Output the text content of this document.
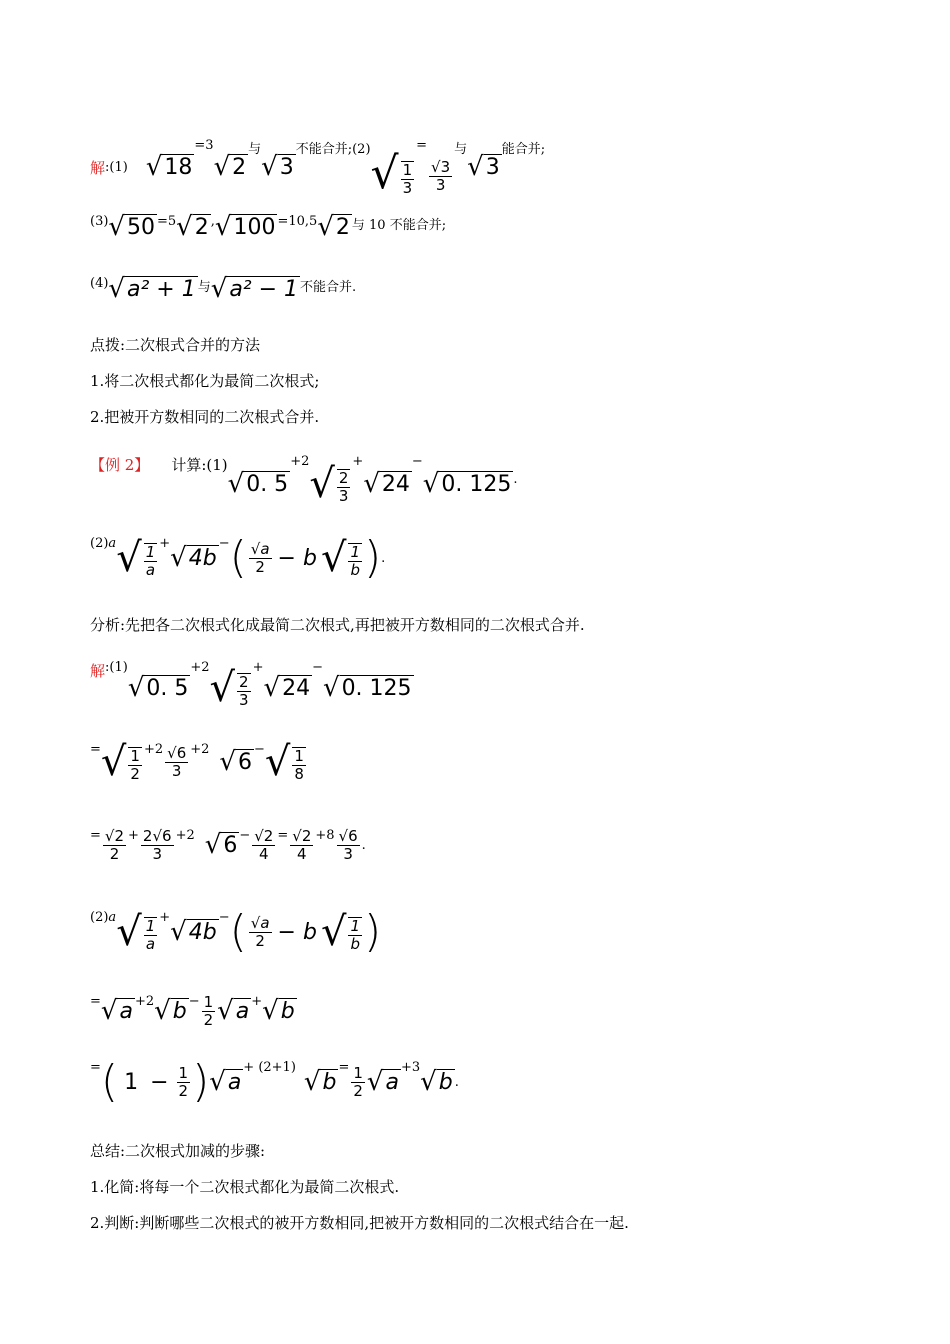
解 :(1) √ 18
=3
√ 2
与
√ 3
不能合并;(2) √ $\frac{1}{3}$
=
$\frac{√3}{3}$
与
√ 3
能合并;
(3) √ 50 =5 √ 2 , √ 100 =10,5 √ 2 与 10 不能合并;
(4) √ a² + 1 与 √ a² − 1 不能合并.
点拨:二次根式合并的方法
1.将二次根式都化为最简二次根式;
2.把被开方数相同的二次根式合并.
【例 2】 计算:(1)
√ 0. 5
+2 √ $\frac{2}{3}$
+
√ 24
−
√ 0. 125 .
(2) a √ $\frac{1}{a}$ + √ 4b
− ( $\frac{√a}{2} - b$ √ $\frac{1}{b}$ ) .
分析:先把各二次根式化成最简二次根式,再把被开方数相同的二次根式合并.
解 :(1)
√ 0. 5
+2 √ $\frac{2}{3}$
+
√ 24
−
√ 0. 125
= √ $\frac{1}{2} +2 \frac{√6}{3} +2$ √ 6
− √ $\frac{1}{8}$
= $\frac{√2}{2} + \frac{2√6}{3} +2$ √ $6 - \frac{√2}{4} = \frac{√2}{4} +8 \frac{√6}{3}$ .
(2) a √ $\frac{1}{a}$ + √ 4b
− ( $\frac{√a}{2} - b$ √ $\frac{1}{b}$ )
= √ a +2 √ $b - \frac{1}{2}$ √ a + √ b
= ( $1 - \frac{1}{2}$ ) √ a
+ (2+1) √ b
= $\frac{1}{2}$ √ a
+3 √ b .
总结:二次根式加减的步骤:
1.化简:将每一个二次根式都化为最简二次根式.
2.判断:判断哪些二次根式的被开方数相同,把被开方数相同的二次根式结合在一起.
